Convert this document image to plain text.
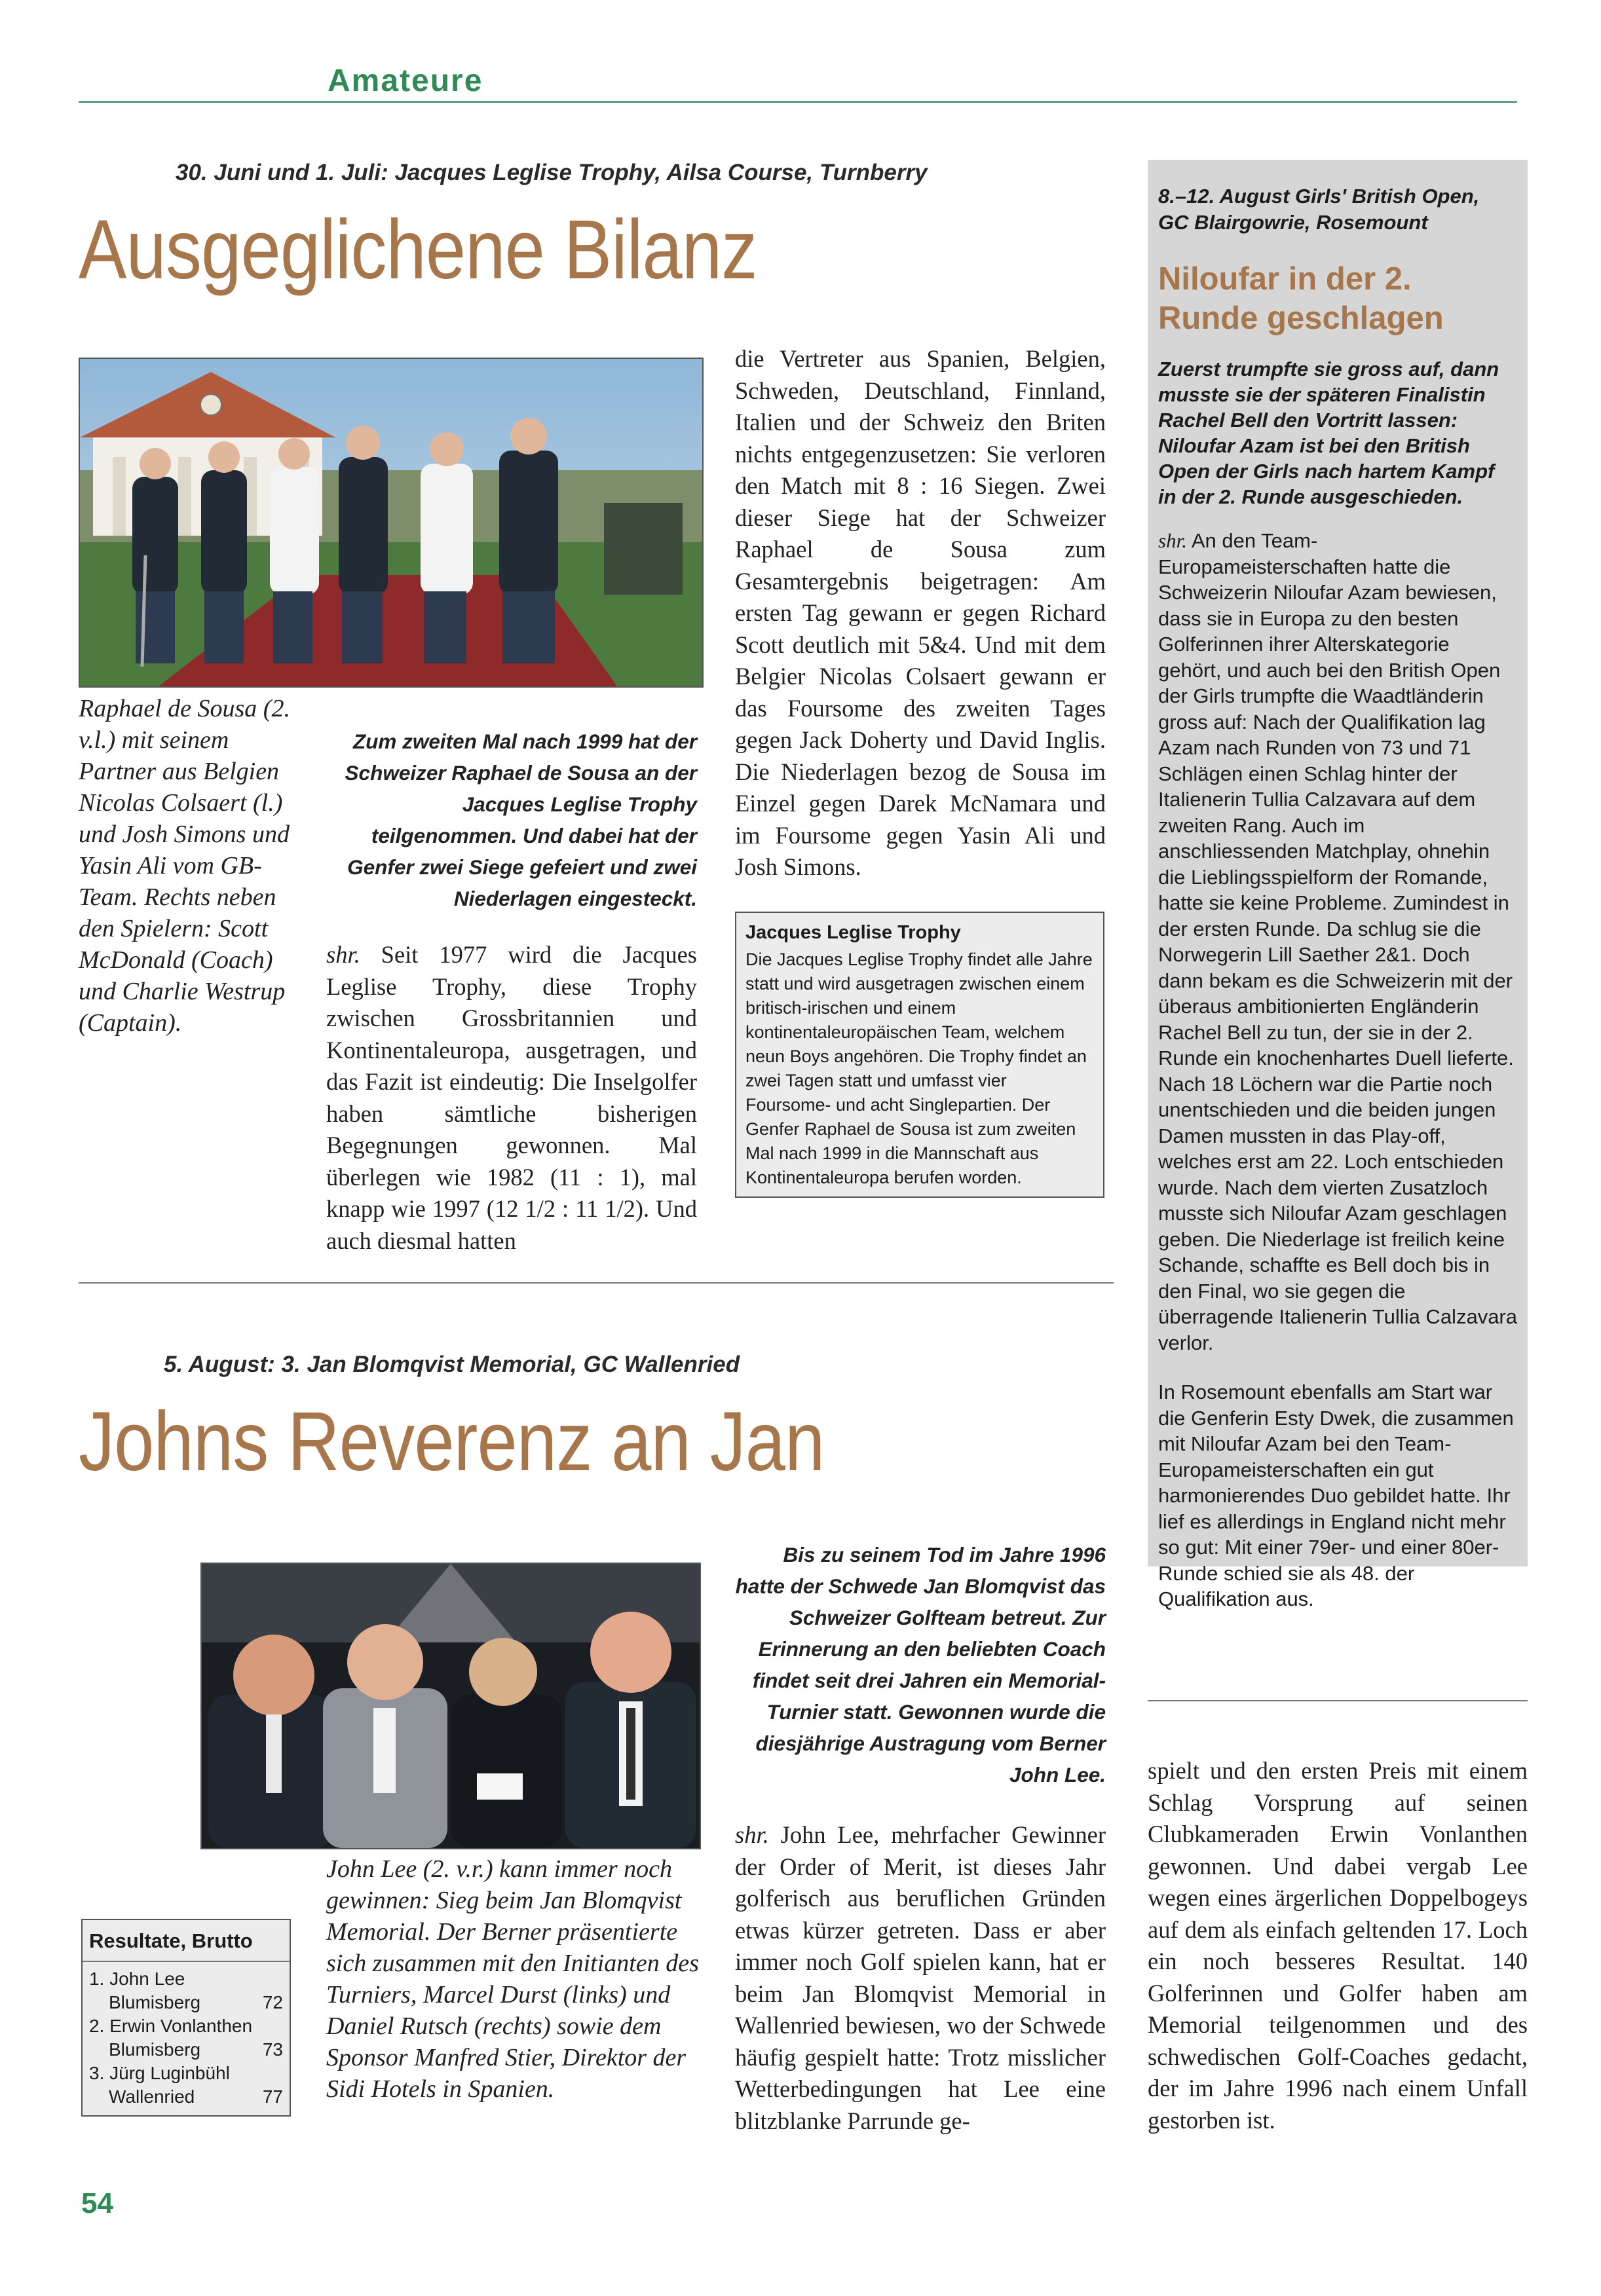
Amateure
30. Juni und 1. Juli: Jacques Leglise Trophy, Ailsa Course, Turnberry
Ausgeglichene Bilanz
Raphael de Sousa (2. v.l.) mit seinem Partner aus Belgien Nicolas Colsaert (l.) und Josh Simons und Yasin Ali vom GB-Team. Rechts neben den Spielern: Scott McDonald (Coach) und Charlie Westrup (Captain).
Zum zweiten Mal nach 1999 hat der Schweizer Raphael de Sousa an der Jacques Leglise Trophy teilgenommen. Und dabei hat der Genfer zwei Siege gefeiert und zwei Niederlagen eingesteckt.

shr. Seit 1977 wird die Jacques Leglise Trophy, diese Trophy zwischen Grossbritannien und Kontinentaleuropa, ausgetragen, und das Fazit ist eindeutig: Die Inselgolfer haben sämtliche bisherigen Begegnungen gewonnen. Mal überlegen wie 1982 (11 : 1), mal knapp wie 1997 (12 1/2 : 11 1/2). Und auch diesmal hatten

die Vertreter aus Spanien, Belgien, Schweden, Deutschland, Finnland, Italien und der Schweiz den Briten nichts entgegenzusetzen: Sie verloren den Match mit 8 : 16 Siegen. Zwei dieser Siege hat der Schweizer Raphael de Sousa zum Gesamtergebnis beigetragen: Am ersten Tag gewann er gegen Richard Scott deutlich mit 5&4. Und mit dem Belgier Nicolas Colsaert gewann er das Foursome des zweiten Tages gegen Jack Doherty und David Inglis. Die Niederlagen bezog de Sousa im Einzel gegen Darek McNamara und im Foursome gegen Yasin Ali und Josh Simons.

Jacques Leglise Trophy
Die Jacques Leglise Trophy findet alle Jahre statt und wird ausgetragen zwischen einem britisch-irischen und einem kontinentaleuropäischen Team, welchem neun Boys angehören. Die Trophy findet an zwei Tagen statt und umfasst vier Foursome- und acht Singlepartien. Der Genfer Raphael de Sousa ist zum zweiten Mal nach 1999 in die Mannschaft aus Kontinentaleuropa berufen worden.
8.–12. August Girls' British Open, GC Blairgowrie, Rosemount
Niloufar in der 2. Runde geschlagen
Zuerst trumpfte sie gross auf, dann musste sie der späteren Finalistin Rachel Bell den Vortritt lassen: Niloufar Azam ist bei den British Open der Girls nach hartem Kampf in der 2. Runde ausgeschieden.

shr. An den Team-Europameisterschaften hatte die Schweizerin Niloufar Azam bewiesen, dass sie in Europa zu den besten Golferinnen ihrer Alterskategorie gehört, und auch bei den British Open der Girls trumpfte die Waadtländerin gross auf: Nach der Qualifikation lag Azam nach Runden von 73 und 71 Schlägen einen Schlag hinter der Italienerin Tullia Calzavara auf dem zweiten Rang. Auch im anschliessenden Matchplay, ohnehin die Lieblingsspielform der Romande, hatte sie keine Probleme. Zumindest in der ersten Runde. Da schlug sie die Norwegerin Lill Saether 2&1. Doch dann bekam es die Schweizerin mit der überaus ambitionierten Engländerin Rachel Bell zu tun, der sie in der 2. Runde ein knochenhartes Duell lieferte. Nach 18 Löchern war die Partie noch unentschieden und die beiden jungen Damen mussten in das Play-off, welches erst am 22. Loch entschieden wurde. Nach dem vierten Zusatzloch musste sich Niloufar Azam geschlagen geben. Die Niederlage ist freilich keine Schande, schaffte es Bell doch bis in den Final, wo sie gegen die überragende Italienerin Tullia Calzavara verlor.

In Rosemount ebenfalls am Start war die Genferin Esty Dwek, die zusammen mit Niloufar Azam bei den Team-Europameisterschaften ein gut harmonierendes Duo gebildet hatte. Ihr lief es allerdings in England nicht mehr so gut: Mit einer 79er- und einer 80er-Runde schied sie als 48. der Qualifikation aus.

5. August: 3. Jan Blomqvist Memorial, GC Wallenried
Johns Reverenz an Jan
Bis zu seinem Tod im Jahre 1996 hatte der Schwede Jan Blomqvist das Schweizer Golfteam betreut. Zur Erinnerung an den beliebten Coach findet seit drei Jahren ein Memorial-Turnier statt. Gewonnen wurde die diesjährige Austragung vom Berner John Lee.
John Lee (2. v.r.) kann immer noch gewinnen: Sieg beim Jan Blomqvist Memorial. Der Berner präsentierte sich zusammen mit den Initianten des Turniers, Marcel Durst (links) und Daniel Rutsch (rechts) sowie dem Sponsor Manfred Stier, Direktor der Sidi Hotels in Spanien.
Resultate, Brutto
1. John Lee
Blumisberg	72
2. Erwin Vonlanthen
Blumisberg	73
3. Jürg Luginbühl
Wallenried	77

shr. John Lee, mehrfacher Gewinner der Order of Merit, ist dieses Jahr golferisch aus beruflichen Gründen etwas kürzer getreten. Dass er aber immer noch Golf spielen kann, hat er beim Jan Blomqvist Memorial in Wallenried bewiesen, wo der Schwede häufig gespielt hatte: Trotz misslicher Wetterbedingungen hat Lee eine blitzblanke Parrunde ge-

spielt und den ersten Preis mit einem Schlag Vorsprung auf seinen Clubkameraden Erwin Vonlanthen gewonnen. Und dabei vergab Lee wegen eines ärgerlichen Doppelbogeys auf dem als einfach geltenden 17. Loch ein noch besseres Resultat. 140 Golferinnen und Golfer haben am Memorial teilgenommen und des schwedischen Golf-Coaches gedacht, der im Jahre 1996 nach einem Unfall gestorben ist.

54
